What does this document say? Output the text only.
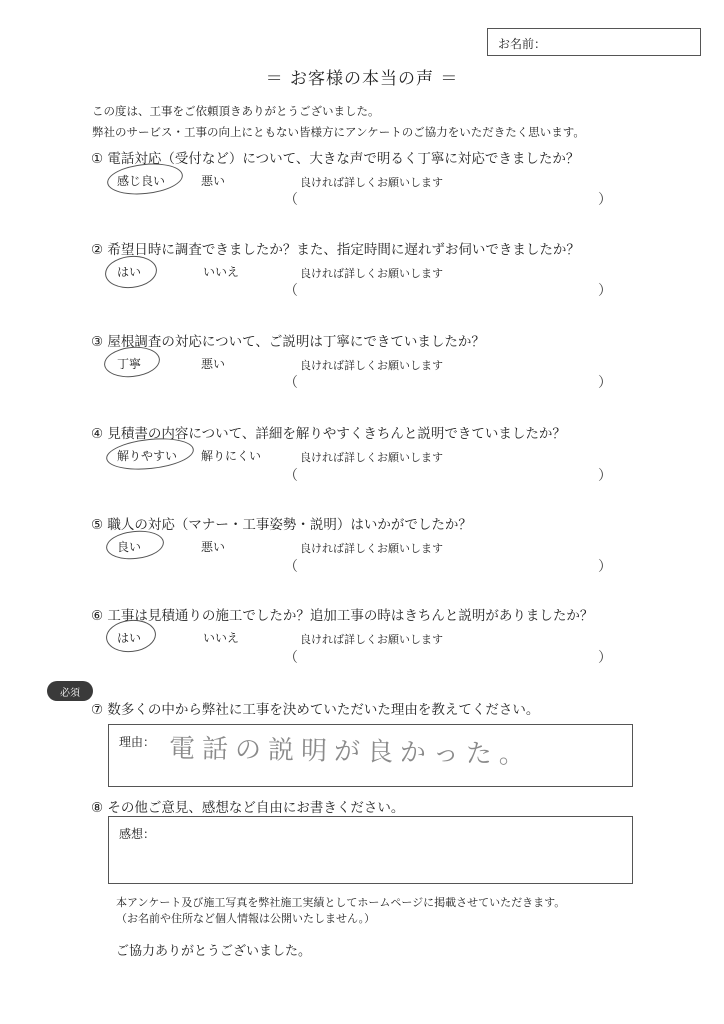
お名前：
＝ お客様の本当の声 ＝
この度は、工事をご依頼頂きありがとうございました。
弊社のサービス・工事の向上にともない皆様方にアンケートのご協力をいただきたく思います。
① 電話対応（受付など）について、大きな声で明るく丁寧に対応できましたか？
感じ良い	悪い	良ければ詳しくお願いします
（	）
② 希望日時に調査できましたか？また、指定時間に遅れずお伺いできましたか？
はい	いいえ	良ければ詳しくお願いします
（	）
③ 屋根調査の対応について、ご説明は丁寧にできていましたか？
丁寧	悪い	良ければ詳しくお願いします
（	）
④ 見積書の内容について、詳細を解りやすくきちんと説明できていましたか？
解りやすい 解りにくい	良ければ詳しくお願いします
（	）
⑤ 職人の対応（マナー・工事姿勢・説明）はいかがでしたか？
良い	悪い	良ければ詳しくお願いします
（	）
⑥ 工事は見積通りの施工でしたか？追加工事の時はきちんと説明がありましたか？
はい	いいえ	良ければ詳しくお願いします
（	）
必須
⑦ 数多くの中から弊社に工事を決めていただいた理由を教えてください。
理由： 電話の説明が良かった。
⑧ その他ご意見、感想など自由にお書きください。
感想：
本アンケート及び施工写真を弊社施工実績としてホームページに掲載させていただきます。
（お名前や住所など個人情報は公開いたしません。）
ご協力ありがとうございました。
